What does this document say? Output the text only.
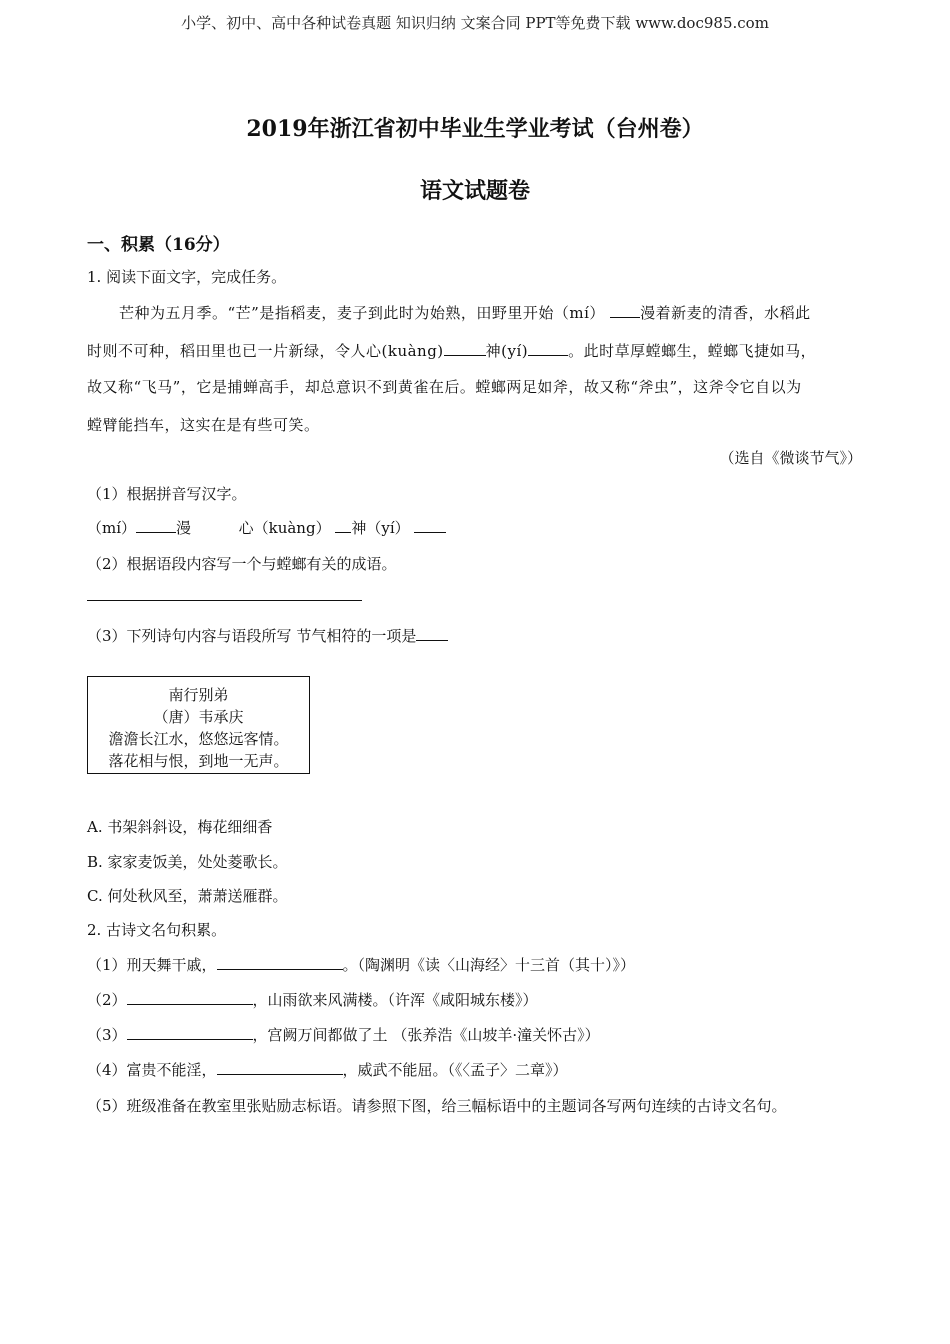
小学、初中、高中各种试卷真题 知识归纳 文案合同 PPT等免费下载 www.doc985.com
2019年浙江省初中毕业生学业考试（台州卷）
语文试题卷
一、积累（16分）
1. 阅读下面文字，完成任务。
芒种为五月季。“芒”是指稻麦，麦子到此时为始熟，田野里开始（mí） 漫着新麦的清香，水稻此
时则不可种，稻田里也已一片新绿，令人心(kuàng)	神(yí)	。此时草厚螳螂生，螳螂飞捷如马，
故又称“飞马”，它是捕蝉高手，却总意识不到黄雀在后。螳螂两足如斧，故又称“斧虫”，这斧令它自以为
螳臂能挡车，这实在是有些可笑。
（选自《微谈节气》）
（1）根据拼音写汉字。
（mí）	漫	心（kuàng） 神（yí）
（2）根据语段内容写一个与螳螂有关的成语。
（3）下列诗句内容与语段所写 节气相符的一项是
南行别弟
（唐）韦承庆
澹澹长江水，悠悠远客情。
落花相与恨，到地一无声。
A. 书架斜斜设，梅花细细香
B. 家家麦饭美，处处菱歌长。
C. 何处秋风至，萧萧送雁群。
2. 古诗文名句积累。
（1）刑天舞干戚，	。（陶渊明《读〈山海经〉十三首（其十）》）
（2）	，山雨欲来风满楼。（许浑《咸阳城东楼》）
（3）	，宫阙万间都做了土 （张养浩《山坡羊·潼关怀古》）
（4）富贵不能淫，	，威武不能屈。（《〈孟子〉二章》）
（5）班级准备在教室里张贴励志标语。请参照下图，给三幅标语中的主题词各写两句连续的古诗文名句。
